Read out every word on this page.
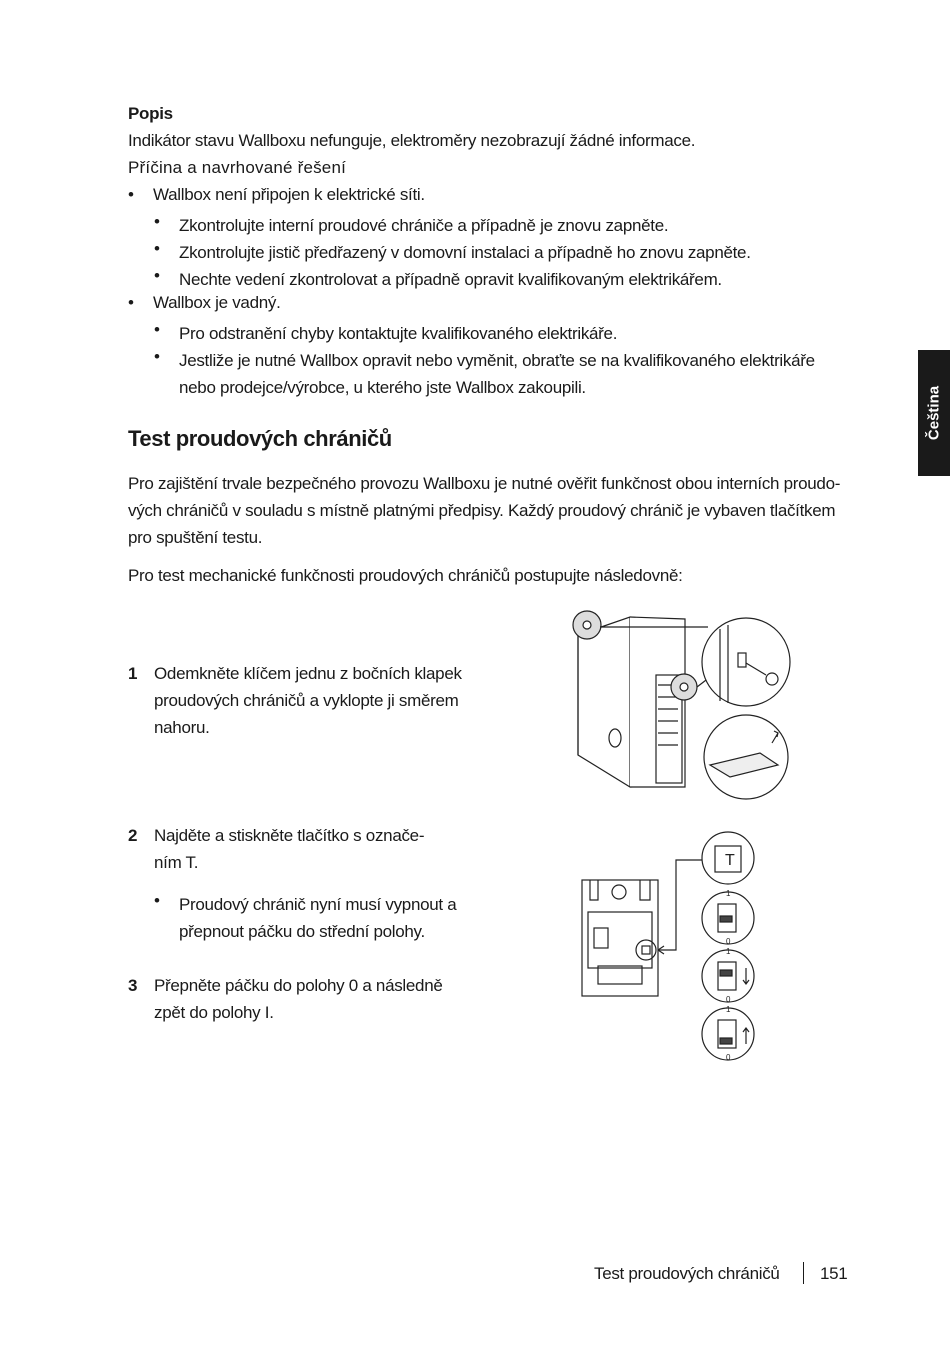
Popis
Indikátor stavu Wallboxu nefunguje, elektroměry nezobrazují žádné informace.
Příčina a navrhované řešení
•	Wallbox není připojen k elektrické síti.
•	Zkontrolujte interní proudové chrániče a případně je znovu zapněte.
•	Zkontrolujte jistič předřazený v domovní instalaci a případně ho znovu zapněte.
•	Nechte vedení zkontrolovat a případně opravit kvalifikovaným elektrikářem.
•	Wallbox je vadný.
•	Pro odstranění chyby kontaktujte kvalifikovaného elektrikáře.
•	Jestliže je nutné Wallbox opravit nebo vyměnit, obraťte se na kvalifikovaného elektrikáře
nebo prodejce/výrobce, u kterého jste Wallbox zakoupili.
Test proudových chráničů
Pro zajištění trvale bezpečného provozu Wallboxu je nutné ověřit funkčnost obou interních proudo-
vých chráničů v souladu s místně platnými předpisy. Každý proudový chránič je vybaven tlačítkem
pro spuštění testu.
Pro test mechanické funkčnosti proudových chráničů postupujte následovně:
1 Odemkněte klíčem jednu z bočních klapek
proudových chráničů a vyklopte ji směrem
nahoru.
2 Najděte a stiskněte tlačítko s označe-
ním T.
•	Proudový chránič nyní musí vypnout a
přepnout páčku do střední polohy.
3 Přepněte páčku do polohy 0 a následně
zpět do polohy I.
Test proudových chráničů 151
Čeština
T
1
0
1
0
1
0
